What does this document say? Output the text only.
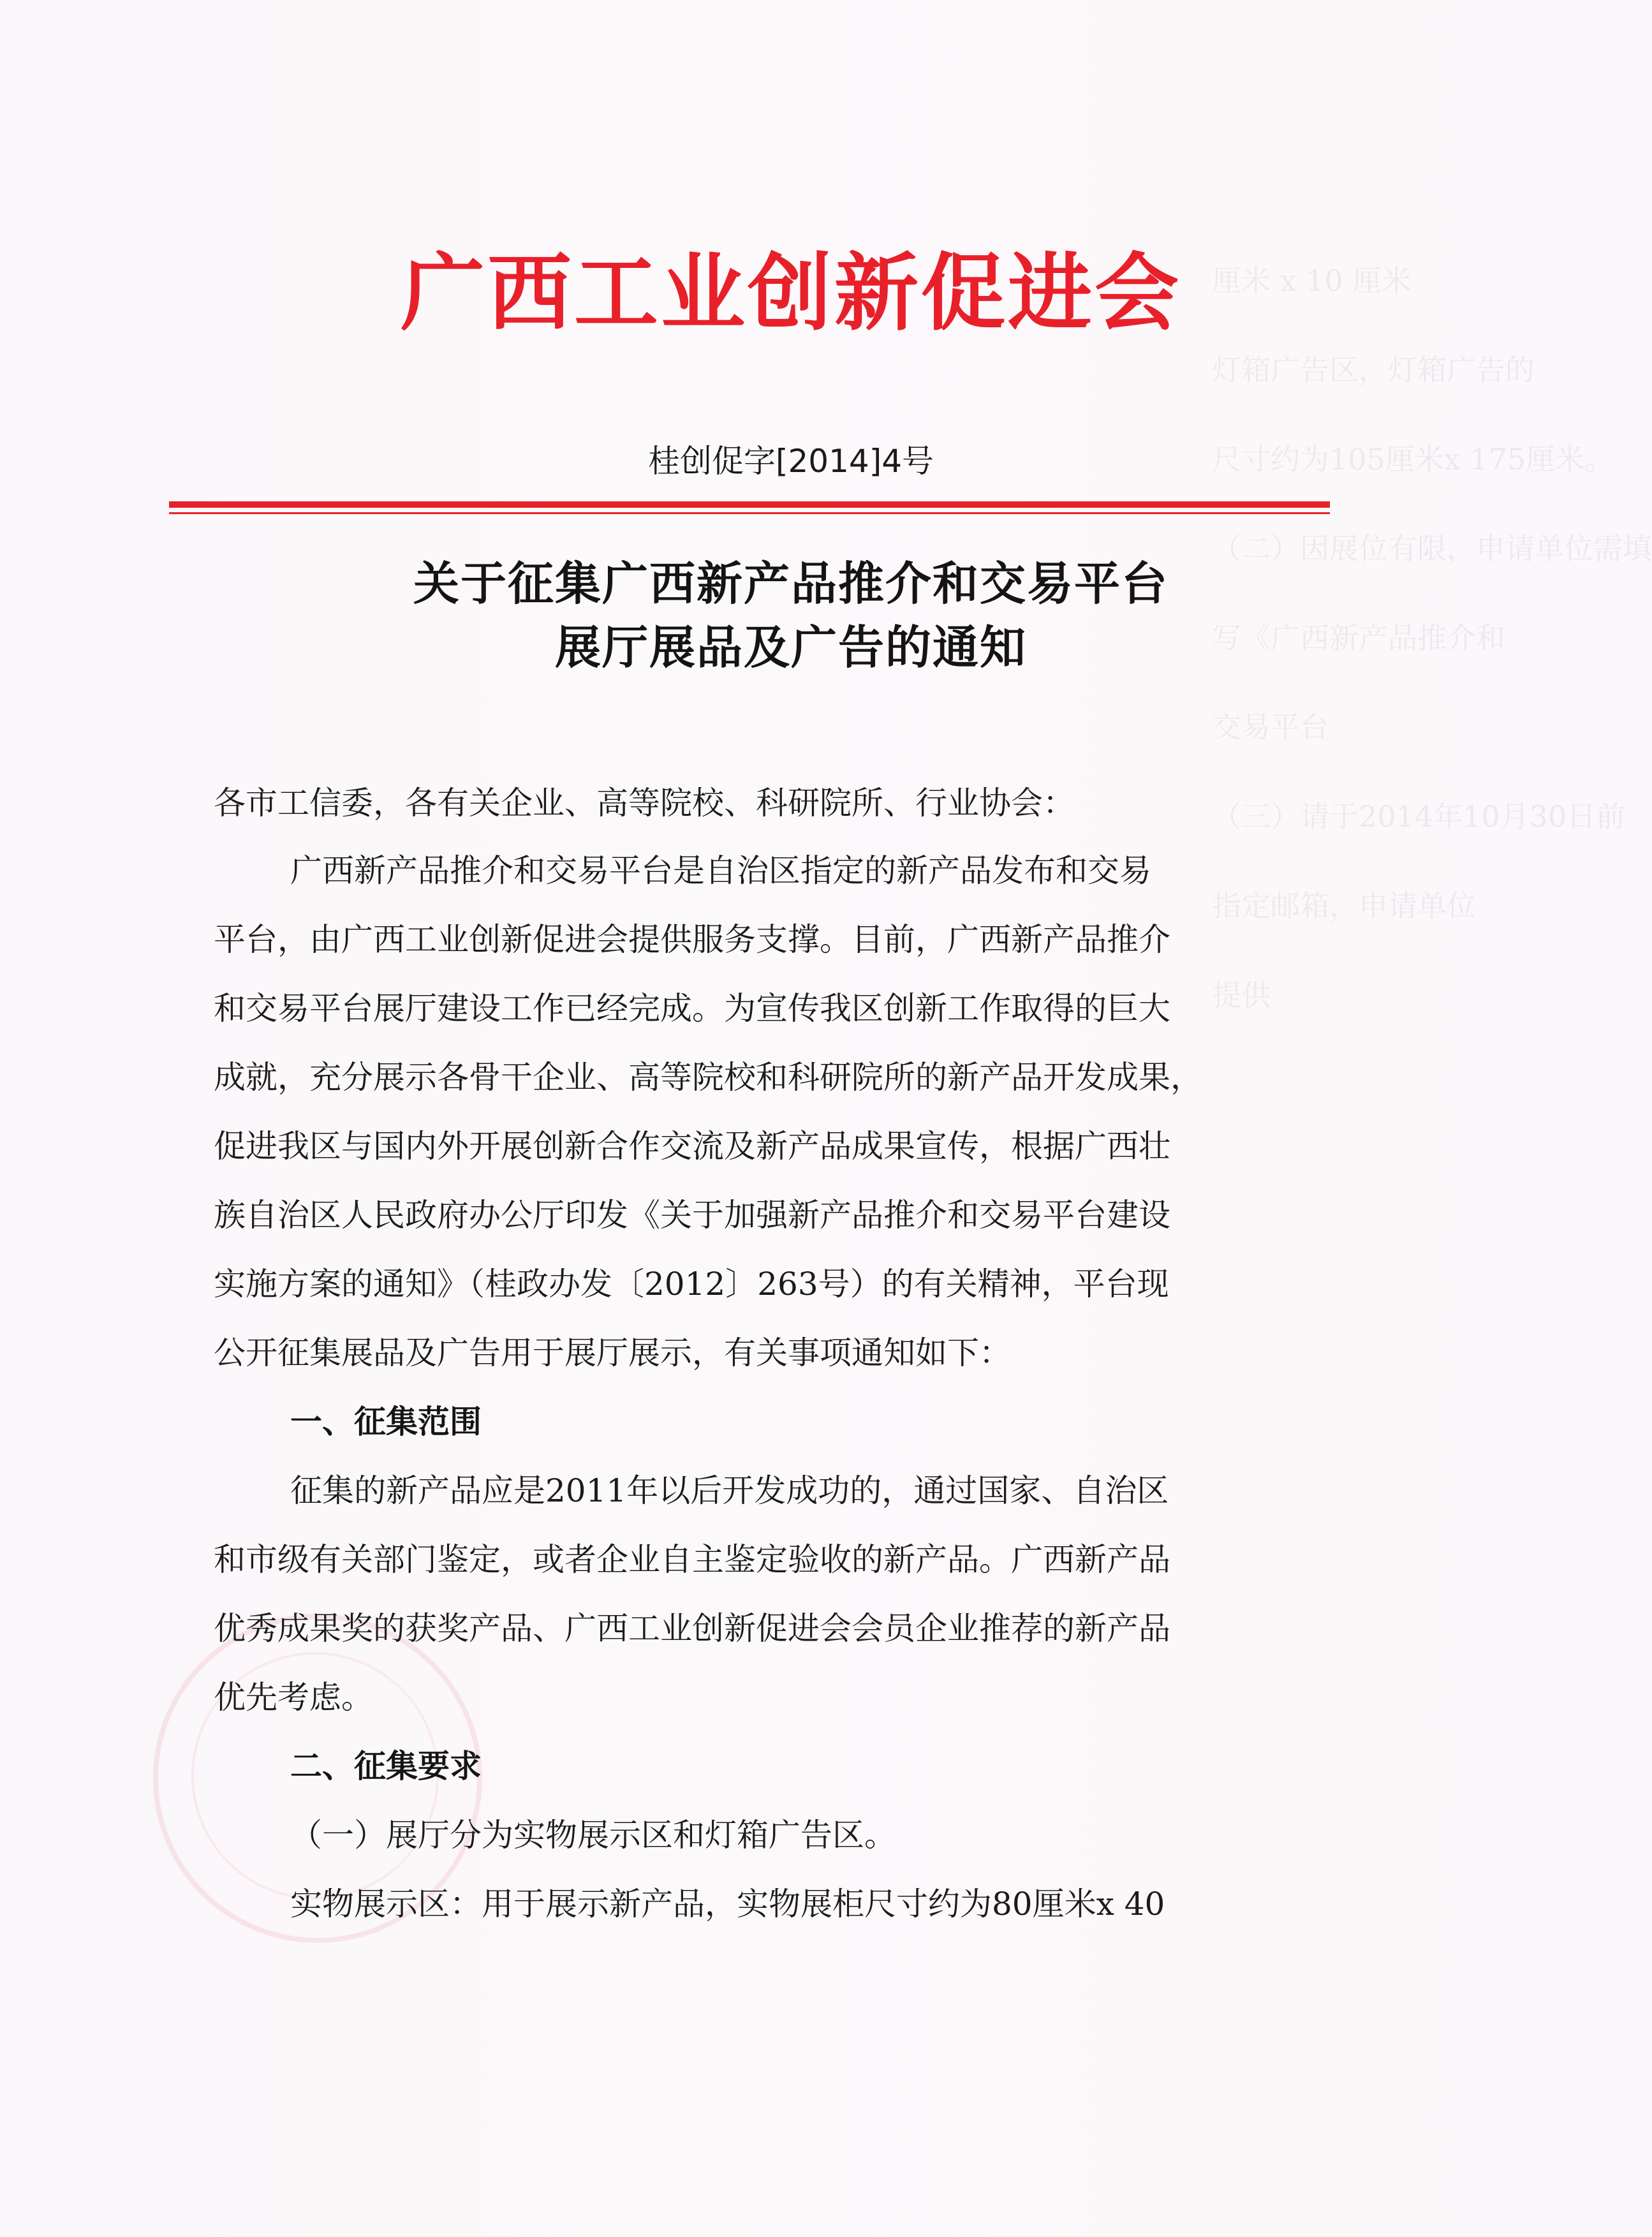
厘米 x 10 厘米
灯箱广告区，灯箱广告的
尺寸约为105厘米x 175厘米。
（二）因展位有限，申请单位需填
写《广西新产品推介和
交易平台
（三）请于2014年10月30日前
指定邮箱，申请单位
提供
广西工业创新促进会
桂创促字[2014]4号
关于征集广西新产品推介和交易平台
展厅展品及广告的通知
各市工信委，各有关企业、高等院校、科研院所、行业协会：
广西新产品推介和交易平台是自治区指定的新产品发布和交易
平台，由广西工业创新促进会提供服务支撑。目前，广西新产品推介
和交易平台展厅建设工作已经完成。为宣传我区创新工作取得的巨大
成就，充分展示各骨干企业、高等院校和科研院所的新产品开发成果，
促进我区与国内外开展创新合作交流及新产品成果宣传，根据广西壮
族自治区人民政府办公厅印发《关于加强新产品推介和交易平台建设
实施方案的通知》（桂政办发〔2012〕263号）的有关精神，平台现
公开征集展品及广告用于展厅展示，有关事项通知如下：
一、征集范围
征集的新产品应是2011年以后开发成功的，通过国家、自治区
和市级有关部门鉴定，或者企业自主鉴定验收的新产品。广西新产品
优秀成果奖的获奖产品、广西工业创新促进会会员企业推荐的新产品
优先考虑。
二、征集要求
（一）展厅分为实物展示区和灯箱广告区。
实物展示区：用于展示新产品，实物展柜尺寸约为80厘米x 40
